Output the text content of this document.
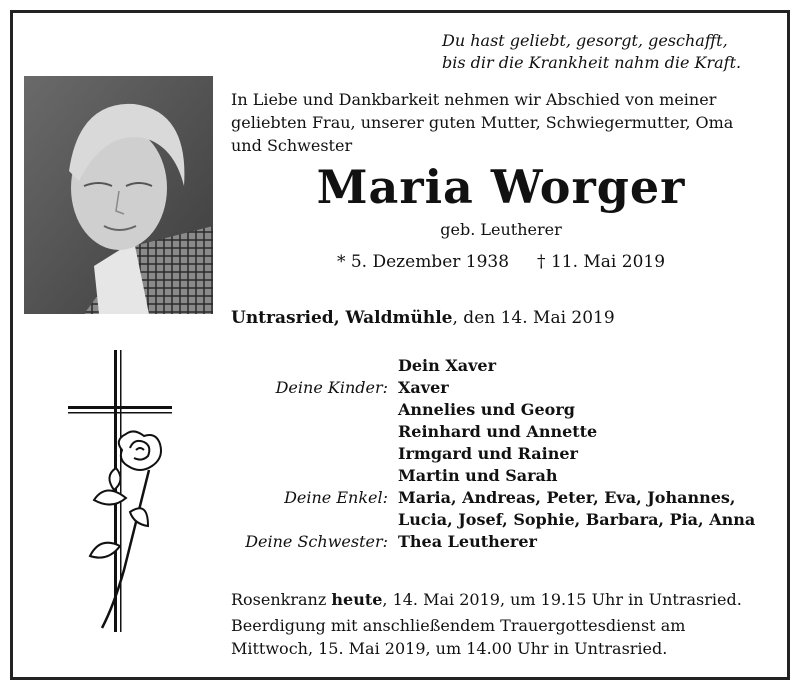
Du hast geliebt, gesorgt, geschafft,
bis dir die Krankheit nahm die Kraft.
In Liebe und Dankbarkeit nehmen wir Abschied von meiner
geliebten Frau, unserer guten Mutter, Schwiegermutter, Oma
und Schwester
Maria Worger
geb. Leutherer
* 5. Dezember 1938 † 11. Mai 2019
Untrasried, Waldmühle, den 14. Mai 2019
Dein Xaver
Deine Kinder: Xaver
Annelies und Georg
Reinhard und Annette
Irmgard und Rainer
Martin und Sarah
Deine Enkel: Maria, Andreas, Peter, Eva, Johannes,
Lucia, Josef, Sophie, Barbara, Pia, Anna
Deine Schwester: Thea Leutherer

Rosenkranz heute, 14. Mai 2019, um 19.15 Uhr in Untrasried.

Beerdigung mit anschließendem Trauergottesdienst am
Mittwoch, 15. Mai 2019, um 14.00 Uhr in Untrasried.
